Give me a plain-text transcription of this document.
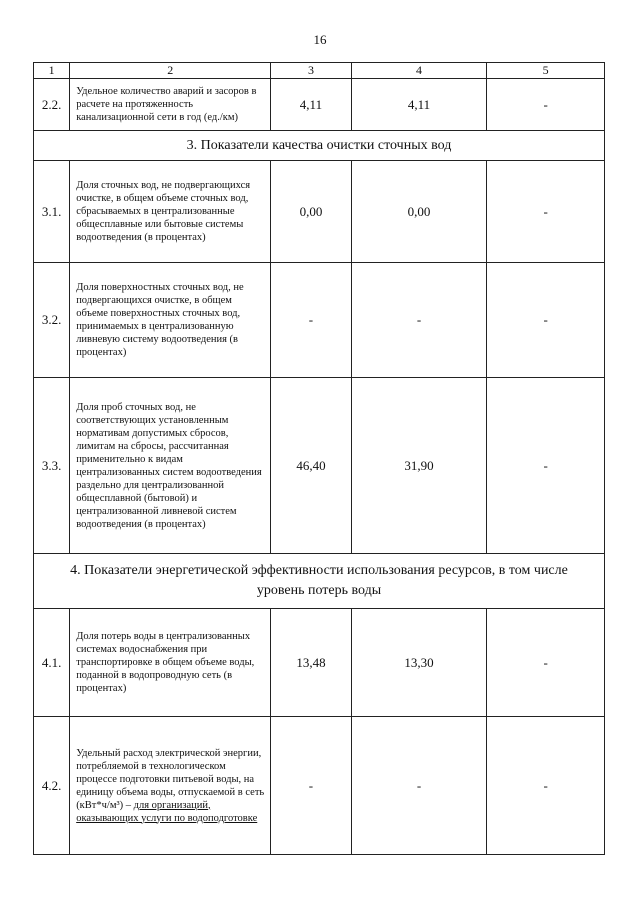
16
1	2	3	4	5
2.2.	Удельное количество аварий и засоров в расчете на протяженность канализационной сети в год (ед./км)	4,11	4,11	-
3. Показатели качества очистки сточных вод				
3.1.	Доля сточных вод, не подвергающихся очистке, в общем объеме сточных вод, сбрасываемых в централизованные общесплавные или бытовые системы водоотведения (в процентах)	0,00	0,00	-
3.2.	Доля поверхностных сточных вод, не подвергающихся очистке, в общем объеме поверхностных сточных вод, принимаемых в централизованную ливневую систему водоотведения (в процентах)	-	-	-
3.3.	Доля проб сточных вод, не соответствующих установленным нормативам допустимых сбросов, лимитам на сбросы, рассчитанная применительно к видам централизованных систем водоотведения раздельно для централизованной общесплавной (бытовой) и централизованной ливневой систем водоотведения (в процентах)	46,40	31,90	-
4. Показатели энергетической эффективности использования ресурсов, в том числе уровень потерь воды				
4.1.	Доля потерь воды в централизованных системах водоснабжения при транспортировке в общем объеме воды, поданной в водопроводную сеть (в процентах)	13,48	13,30	-
4.2.	Удельный расход электрической энергии, потребляемой в технологическом процессе подготовки питьевой воды, на единицу объема воды, отпускаемой в сеть (кВт*ч/м³) – для организаций, оказывающих услуги по водоподготовке	-	-	-
